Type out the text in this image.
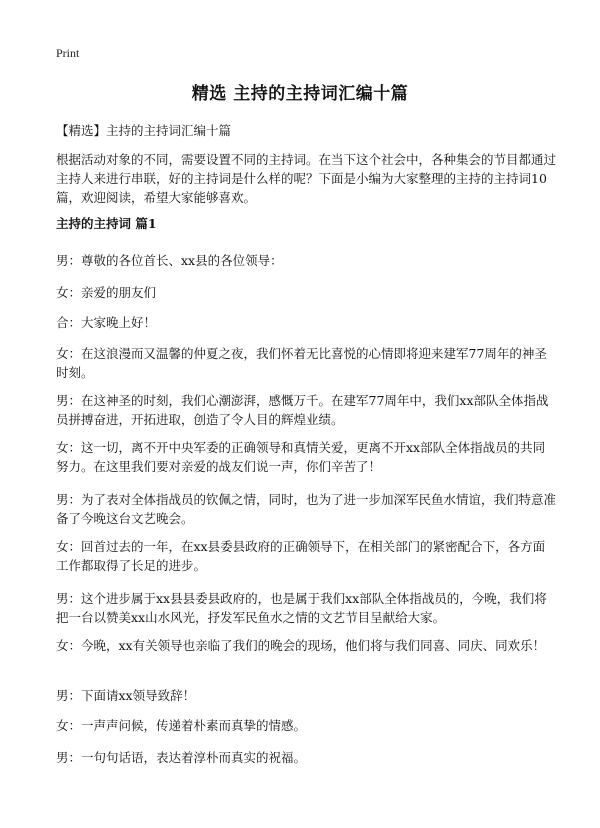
Print
精选 主持的主持词汇编十篇
【精选】主持的主持词汇编十篇
根据活动对象的不同，需要设置不同的主持词。在当下这个社会中，各种集会的节目都通过主持人来进行串联，好的主持词是什么样的呢？下面是小编为大家整理的主持的主持词10篇，欢迎阅读，希望大家能够喜欢。
主持的主持词 篇1
男：尊敬的各位首长、xx县的各位领导：
女：亲爱的朋友们
合：大家晚上好！
女：在这浪漫而又温馨的仲夏之夜，我们怀着无比喜悦的心情即将迎来建军77周年的神圣时刻。
男：在这神圣的时刻，我们心潮澎湃，感慨万千。在建军77周年中，我们xx部队全体指战员拼搏奋进，开拓进取，创造了令人目的辉煌业绩。
女：这一切，离不开中央军委的正确领导和真情关爱，更离不开xx部队全体指战员的共同努力。在这里我们要对亲爱的战友们说一声，你们辛苦了！
男：为了表对全体指战员的钦佩之情，同时，也为了进一步加深军民鱼水情谊，我们特意准备了今晚这台文艺晚会。
女：回首过去的一年，在xx县委县政府的正确领导下，在相关部门的紧密配合下，各方面工作都取得了长足的进步。
男：这个进步属于xx县县委县政府的，也是属于我们xx部队全体指战员的，今晚，我们将把一台以赞美xx山水风光，抒发军民鱼水之情的文艺节目呈献给大家。
女：今晚，xx有关领导也亲临了我们的晚会的现场，他们将与我们同喜、同庆、同欢乐！
男：下面请xx领导致辞！
女：一声声问候，传递着朴素而真挚的情感。
男：一句句话语，表达着淳朴而真实的祝福。
